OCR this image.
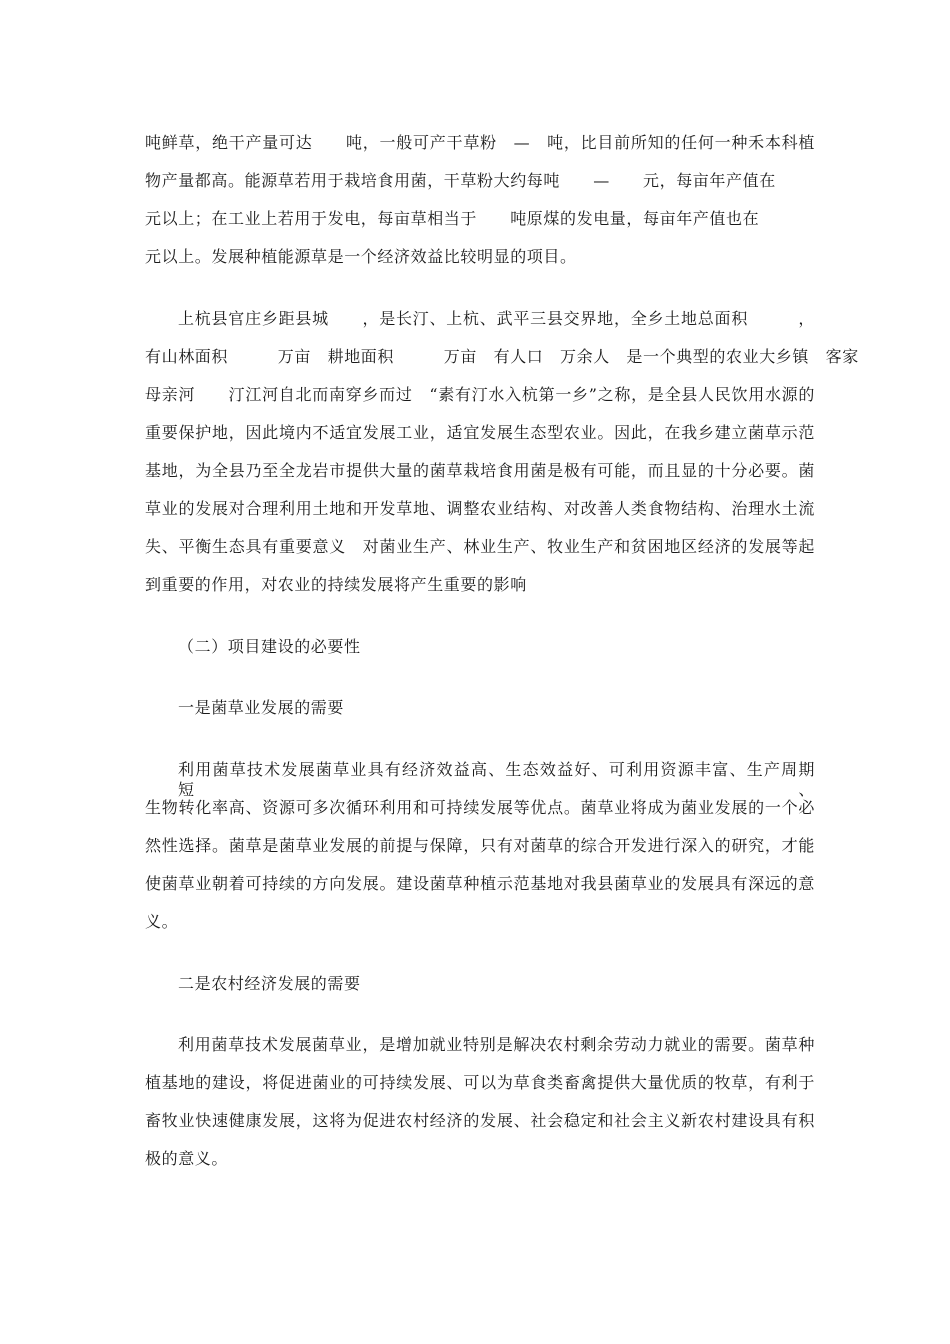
吨鲜草，绝干产量可达　　吨，一般可产干草粉　—　吨，比目前所知的任何一种禾本科植
物产量都高。能源草若用于栽培食用菌，干草粉大约每吨　　—　　元，每亩年产值在
元以上；在工业上若用于发电，每亩草相当于　　吨原煤的发电量，每亩年产值也在
元以上。发展种植能源草是一个经济效益比较明显的项目。
上杭县官庄乡距县城　　，是长汀、上杭、武平三县交界地，全乡土地总面积　　　，
有山林面积　　　万亩　耕地面积　　　万亩　有人口　万余人　是一个典型的农业大乡镇　客家
母亲河　　汀江河自北而南穿乡而过　“素有汀水入杭第一乡”之称，是全县人民饮用水源的
重要保护地，因此境内不适宜发展工业，适宜发展生态型农业。因此，在我乡建立菌草示范
基地，为全县乃至全龙岩市提供大量的菌草栽培食用菌是极有可能，而且显的十分必要。菌
草业的发展对合理利用土地和开发草地、调整农业结构、对改善人类食物结构、治理水土流
失、平衡生态具有重要意义　对菌业生产、林业生产、牧业生产和贫困地区经济的发展等起
到重要的作用，对农业的持续发展将产生重要的影响
（二）项目建设的必要性
一是菌草业发展的需要
利用菌草技术发展菌草业具有经济效益高、生态效益好、可利用资源丰富、生产周期短、
生物转化率高、资源可多次循环利用和可持续发展等优点。菌草业将成为菌业发展的一个必
然性选择。菌草是菌草业发展的前提与保障，只有对菌草的综合开发进行深入的研究，才能
使菌草业朝着可持续的方向发展。建设菌草种植示范基地对我县菌草业的发展具有深远的意
义。
二是农村经济发展的需要
利用菌草技术发展菌草业，是增加就业特别是解决农村剩余劳动力就业的需要。菌草种
植基地的建设，将促进菌业的可持续发展、可以为草食类畜禽提供大量优质的牧草，有利于
畜牧业快速健康发展，这将为促进农村经济的发展、社会稳定和社会主义新农村建设具有积
极的意义。
